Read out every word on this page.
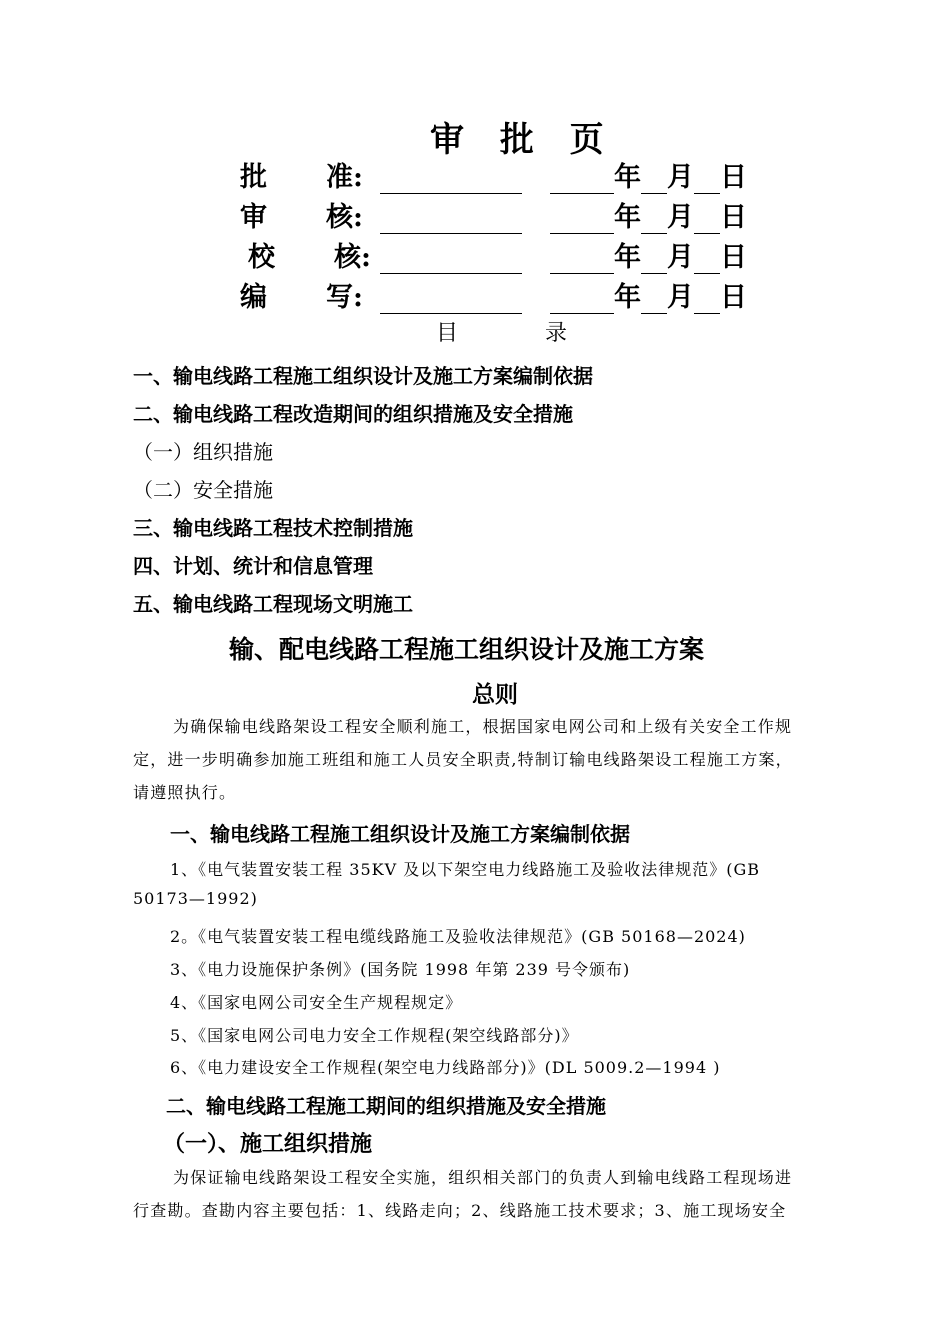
审 批 页
批 准:	年 月 日
审 核:	年 月 日
校 核:	年 月 日
编 写:	年 月 日
目 录
一、输电线路工程施工组织设计及施工方案编制依据
二、输电线路工程改造期间的组织措施及安全措施
（一）组织措施
（二）安全措施
三、输电线路工程技术控制措施
四、计划、统计和信息管理
五、输电线路工程现场文明施工
输、配电线路工程施工组织设计及施工方案
总则
为确保输电线路架设工程安全顺利施工，根据国家电网公司和上级有关安全工作规
定，进一步明确参加施工班组和施工人员安全职责,特制订输电线路架设工程施工方案，
请遵照执行。
一、输电线路工程施工组织设计及施工方案编制依据
1、《电气装置安装工程 35KV 及以下架空电力线路施工及验收法律规范》(GB
50173—1992)
2。《电气装置安装工程电缆线路施工及验收法律规范》(GB 50168—2024)
3、《电力设施保护条例》(国务院 1998 年第 239 号令颁布)
4、《国家电网公司安全生产规程规定》
5、《国家电网公司电力安全工作规程(架空线路部分)》
6、《电力建设安全工作规程(架空电力线路部分)》(DL 5009.2—1994 )
二、输电线路工程施工期间的组织措施及安全措施
（一）、施工组织措施
为保证输电线路架设工程安全实施，组织相关部门的负责人到输电线路工程现场进
行查勘。查勘内容主要包括：1、线路走向；2、线路施工技术要求；3、施工现场安全
